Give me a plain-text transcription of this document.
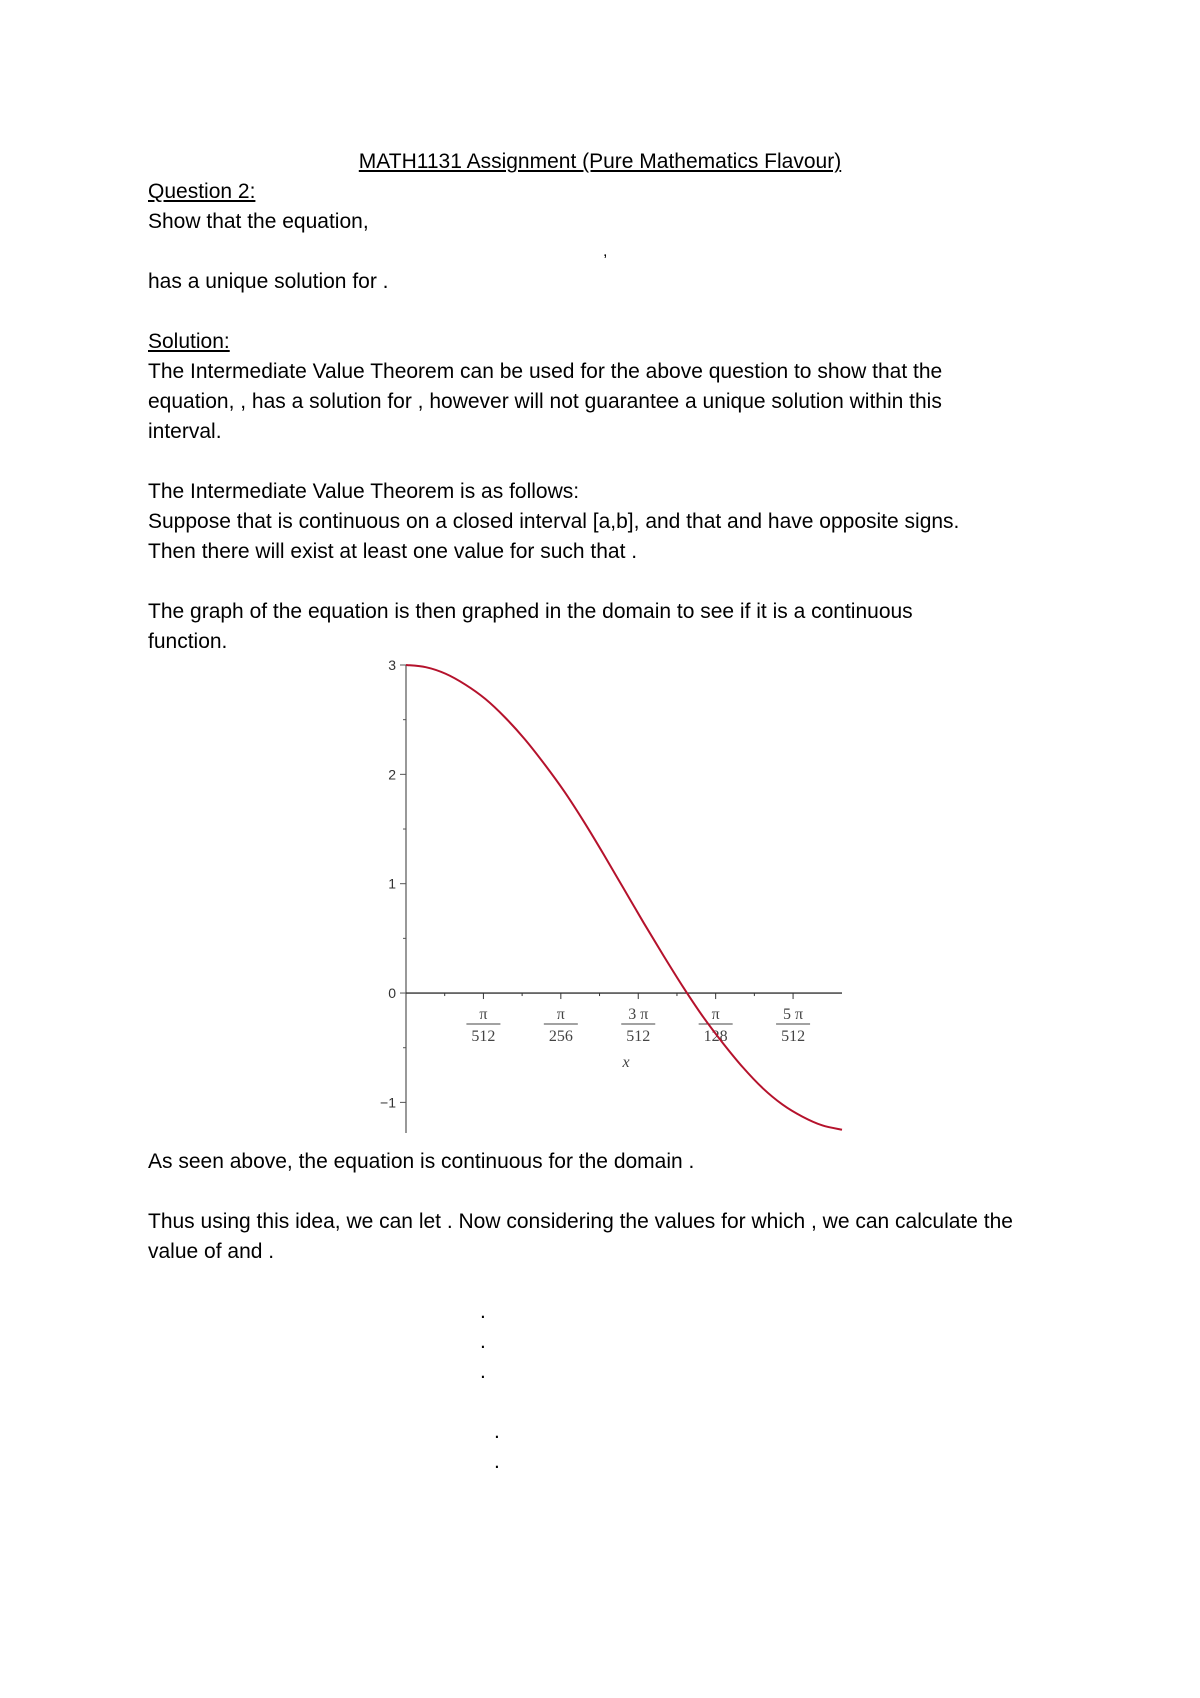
MATH1131 Assignment (Pure Mathematics Flavour)
Question 2:
Show that the equation,
,
has a unique solution for .
Solution:
The Intermediate Value Theorem can be used for the above question to show that the
equation, , has a solution for , however will not guarantee a unique solution within this
interval.
The Intermediate Value Theorem is as follows:
Suppose that is continuous on a closed interval [a,b], and that and have opposite signs.
Then there will exist at least one value for such that .
The graph of the equation is then graphed in the domain to see if it is a continuous
function.
π
512
π
256
3 π
512
π
128
5 π
512
3
2
1
0
−1
x
As seen above, the equation is continuous for the domain .
Thus using this idea, we can let . Now considering the values for which , we can calculate the
value of and .
.
.
.
.
.
